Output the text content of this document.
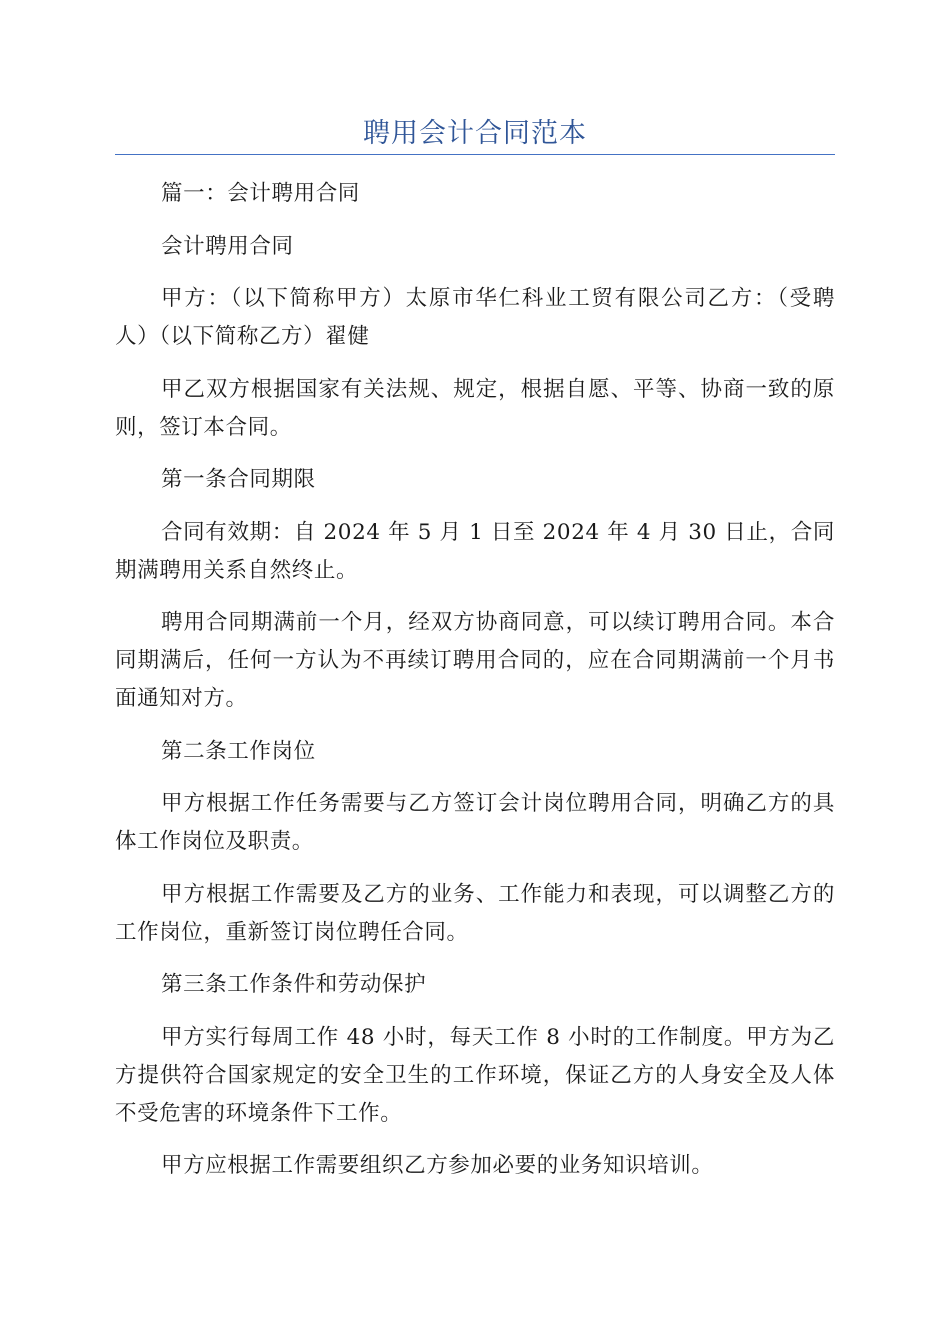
聘用会计合同范本

篇一：会计聘用合同

会计聘用合同

甲方：（以下简称甲方）太原市华仁科业工贸有限公司乙方：（受聘人）（以下简称乙方）翟健

甲乙双方根据国家有关法规、规定，根据自愿、平等、协商一致的原则，签订本合同。

第一条合同期限

合同有效期：自 2024 年 5 月 1 日至 2024 年 4 月 30 日止，合同期满聘用关系自然终止。

聘用合同期满前一个月，经双方协商同意，可以续订聘用合同。本合同期满后，任何一方认为不再续订聘用合同的，应在合同期满前一个月书面通知对方。

第二条工作岗位

甲方根据工作任务需要与乙方签订会计岗位聘用合同，明确乙方的具体工作岗位及职责。

甲方根据工作需要及乙方的业务、工作能力和表现，可以调整乙方的工作岗位，重新签订岗位聘任合同。

第三条工作条件和劳动保护

甲方实行每周工作 48 小时，每天工作 8 小时的工作制度。甲方为乙方提供符合国家规定的安全卫生的工作环境，保证乙方的人身安全及人体不受危害的环境条件下工作。

甲方应根据工作需要组织乙方参加必要的业务知识培训。
